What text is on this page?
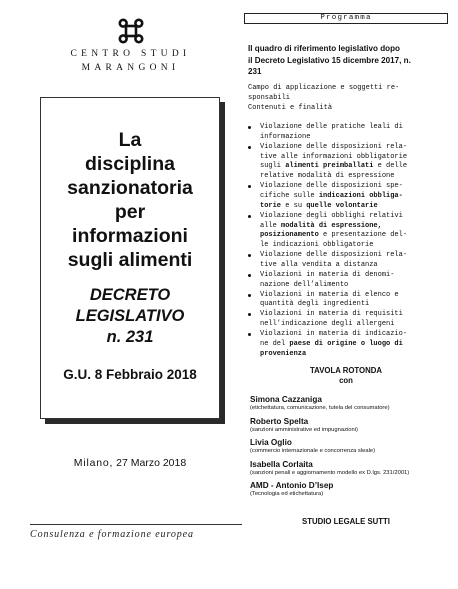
CENTRO STUDI
MARANGONI
La
disciplina
sanzionatoria
per
informazioni
sugli alimenti
DECRETO
LEGISLATIVO
n. 231
G.U. 8 Febbraio 2018
Milano, 27 Marzo 2018
Consulenza e formazione europea
Programma
Il quadro di riferimento legislativo dopo
il Decreto Legislativo 15 dicembre 2017, n.
231
Campo di applicazione e soggetti re-
sponsabili
Contenuti e finalità
Violazione delle pratiche leali di
informazione
Violazione delle disposizioni rela-
tive alle informazioni obbligatorie
sugli alimenti preimballati e delle
relative modalità di espressione
Violazione delle disposizioni spe-
cifiche sulle indicazioni obbliga-
torie e su quelle volontarie
Violazione degli obblighi relativi
alle modalità di espressione,
posizionamento e presentazione del-
le indicazioni obbligatorie
Violazione delle disposizioni rela-
tive alla vendita a distanza
Violazioni in materia di denomi-
nazione dell’alimento
Violazioni in materia di elenco e
quantità degli ingredienti
Violazioni in materia di requisiti
nell’indicazione degli allergeni
Violazioni in materia di indicazio-
ne del paese di origine o luogo di
provenienza
TAVOLA ROTONDA
con
Simona Cazzaniga
(etichettatura, comunicazione, tutela del consumatore)
Roberto Spelta
(sanzioni amministrative ed impugnazioni)
Livia Oglio
(commercio internazionale e concorrenza sleale)
Isabella Corlaita
(sanzioni penali e aggiornamento modello ex D.lgs. 231/2001)
AMD - Antonio D’Isep
(Tecnologia ed etichettatura)
STUDIO LEGALE SUTTI
